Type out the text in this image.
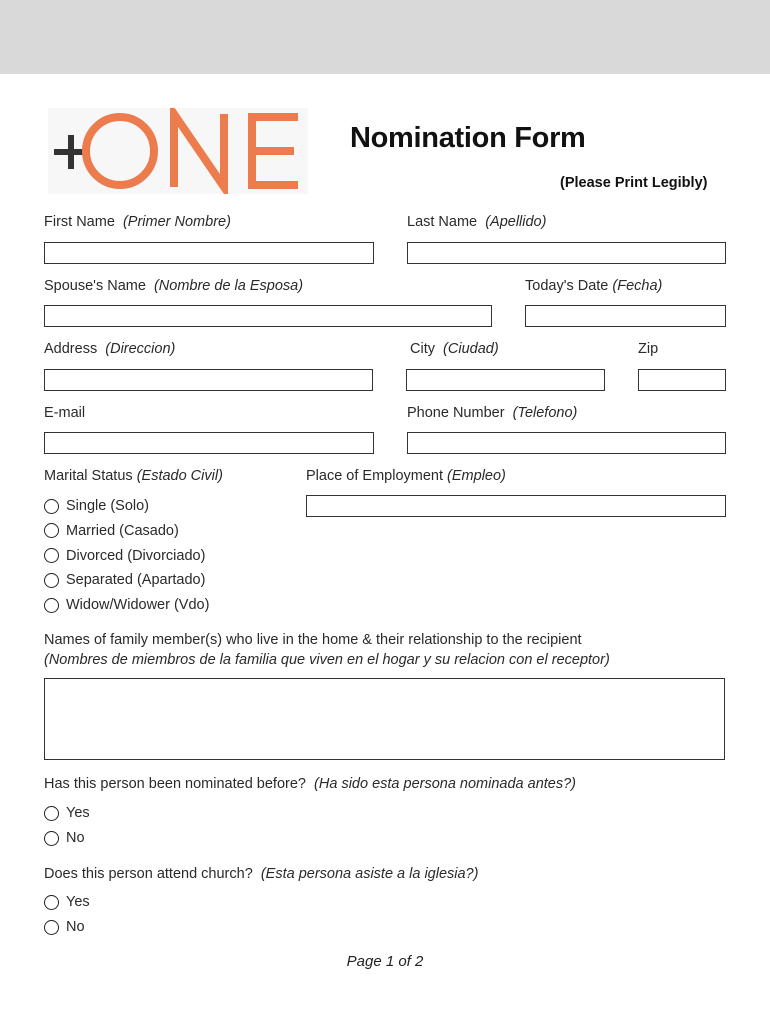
Nomination Form
(Please Print Legibly)
First Name (Primer Nombre)	Last Name (Apellido)
Spouse's Name (Nombre de la Esposa)	Today's Date (Fecha)
Address (Direccion)	City (Ciudad)	Zip
E-mail	Phone Number (Telefono)
Marital Status (Estado Civil)
Single (Solo)
Married (Casado)
Divorced (Divorciado)
Separated (Apartado)
Widow/Widower (Vdo)
Place of Employment (Empleo)
Names of family member(s) who live in the home & their relationship to the recipient
(Nombres de miembros de la familia que viven en el hogar y su relacion con el receptor)
Has this person been nominated before? (Ha sido esta persona nominada antes?)
Yes
No
Does this person attend church? (Esta persona asiste a la iglesia?)
Yes
No
Page 1 of 2
